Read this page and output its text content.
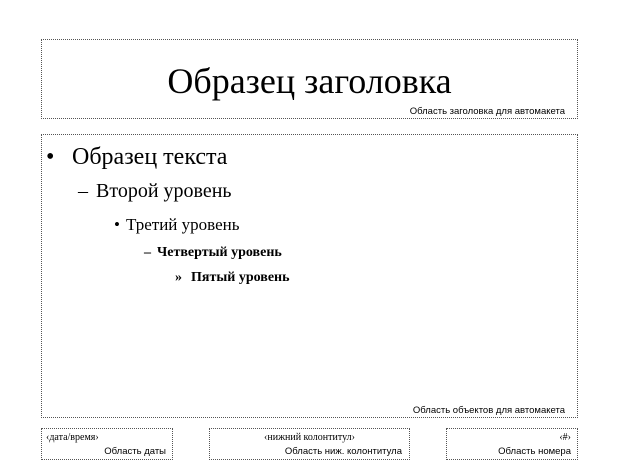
Образец заголовка
Область заголовка для автомакета
• Образец текста
– Второй уровень
• Третий уровень
– Четвертый уровень
» Пятый уровень
Область объектов для автомакета
‹дата/время›
Область даты
‹нижний колонтитул›
Область ниж. колонтитула
‹#›
Область номера
